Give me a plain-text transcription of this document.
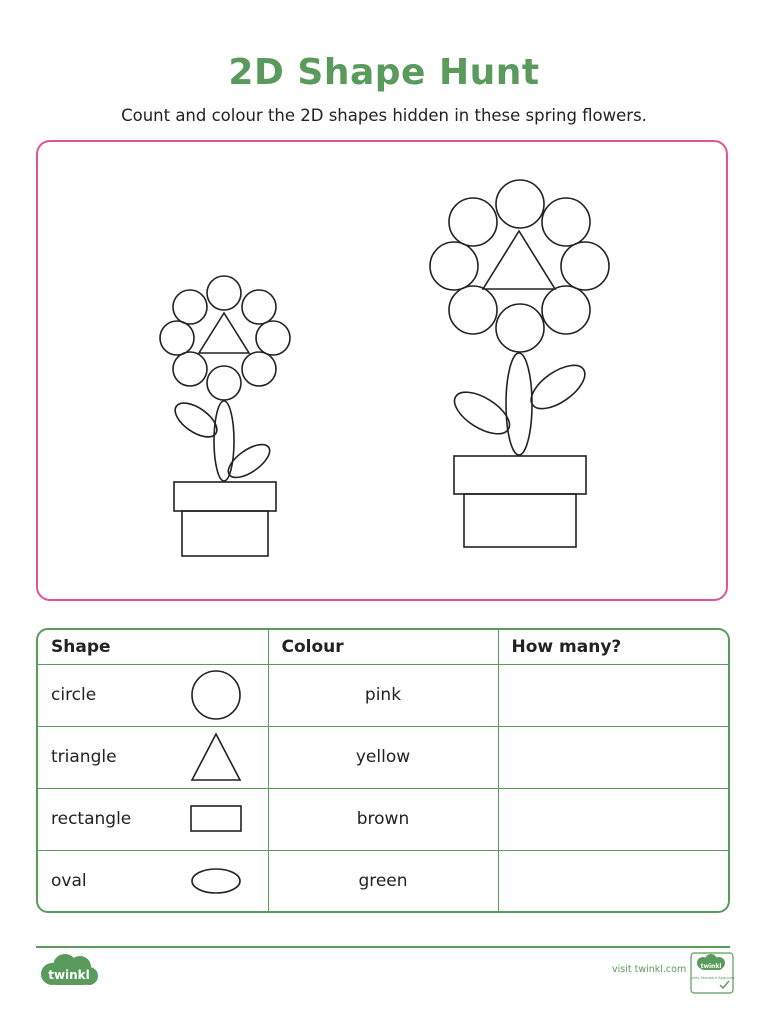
2D Shape Hunt
Count and colour the 2D shapes hidden in these spring flowers.
Shape	Colour	How many?
circle	pink	
triangle	yellow	
rectangle	brown	
oval	green	
twinkl	visit twinkl.com twinkl
Quality Standard Approved
